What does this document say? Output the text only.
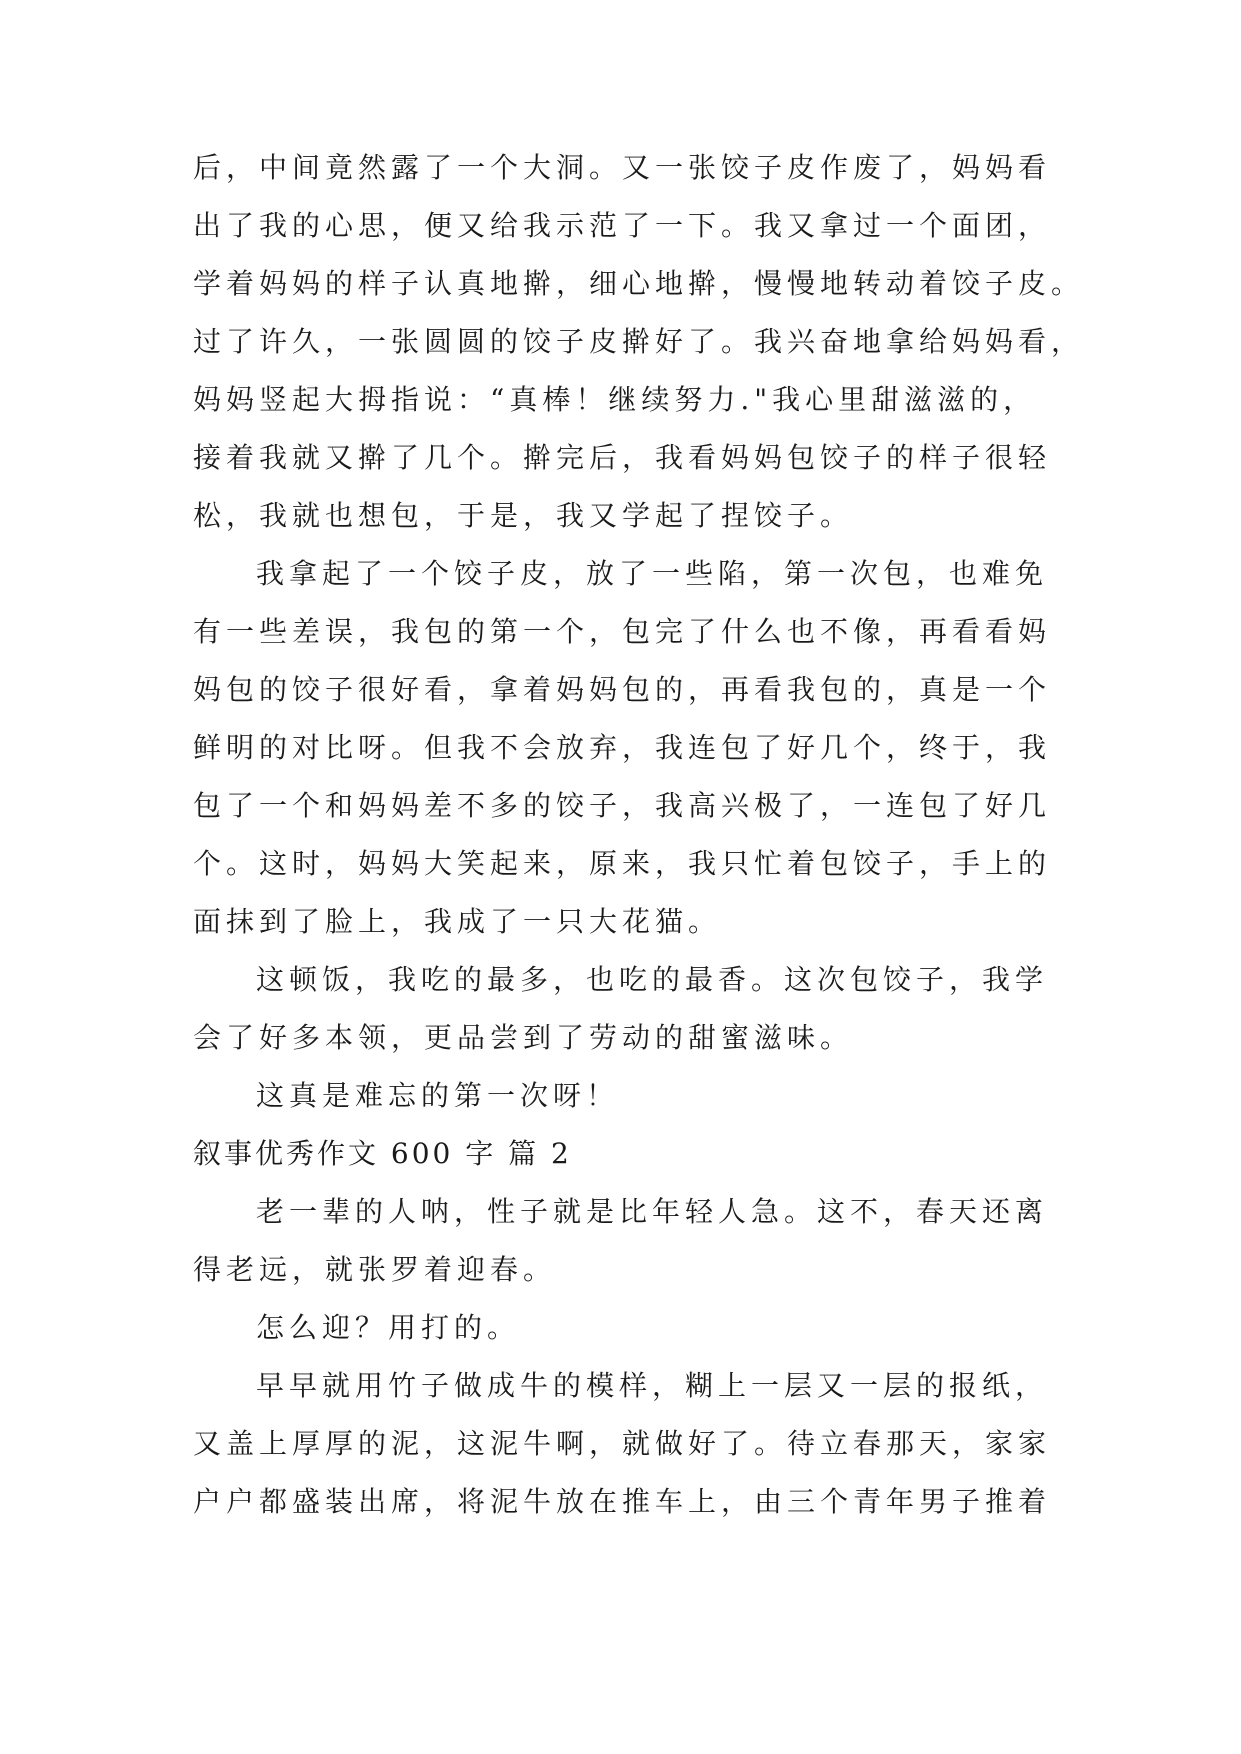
后，中间竟然露了一个大洞。又一张饺子皮作废了，妈妈看
出了我的心思，便又给我示范了一下。我又拿过一个面团，
学着妈妈的样子认真地擀，细心地擀，慢慢地转动着饺子皮。
过了许久，一张圆圆的饺子皮擀好了。我兴奋地拿给妈妈看，
妈妈竖起大拇指说：“真棒！继续努力."我心里甜滋滋的，
接着我就又擀了几个。擀完后，我看妈妈包饺子的样子很轻
松，我就也想包，于是，我又学起了捏饺子。
我拿起了一个饺子皮，放了一些陷，第一次包，也难免
有一些差误，我包的第一个，包完了什么也不像，再看看妈
妈包的饺子很好看，拿着妈妈包的，再看我包的，真是一个
鲜明的对比呀。但我不会放弃，我连包了好几个，终于，我
包了一个和妈妈差不多的饺子，我高兴极了，一连包了好几
个。这时，妈妈大笑起来，原来，我只忙着包饺子，手上的
面抹到了脸上，我成了一只大花猫。
这顿饭，我吃的最多，也吃的最香。这次包饺子，我学
会了好多本领，更品尝到了劳动的甜蜜滋味。
这真是难忘的第一次呀！
叙事优秀作文 600 字 篇 2
老一辈的人呐，性子就是比年轻人急。这不，春天还离
得老远，就张罗着迎春。
怎么迎？用打的。
早早就用竹子做成牛的模样，糊上一层又一层的报纸，
又盖上厚厚的泥，这泥牛啊，就做好了。待立春那天，家家
户户都盛装出席，将泥牛放在推车上，由三个青年男子推着
